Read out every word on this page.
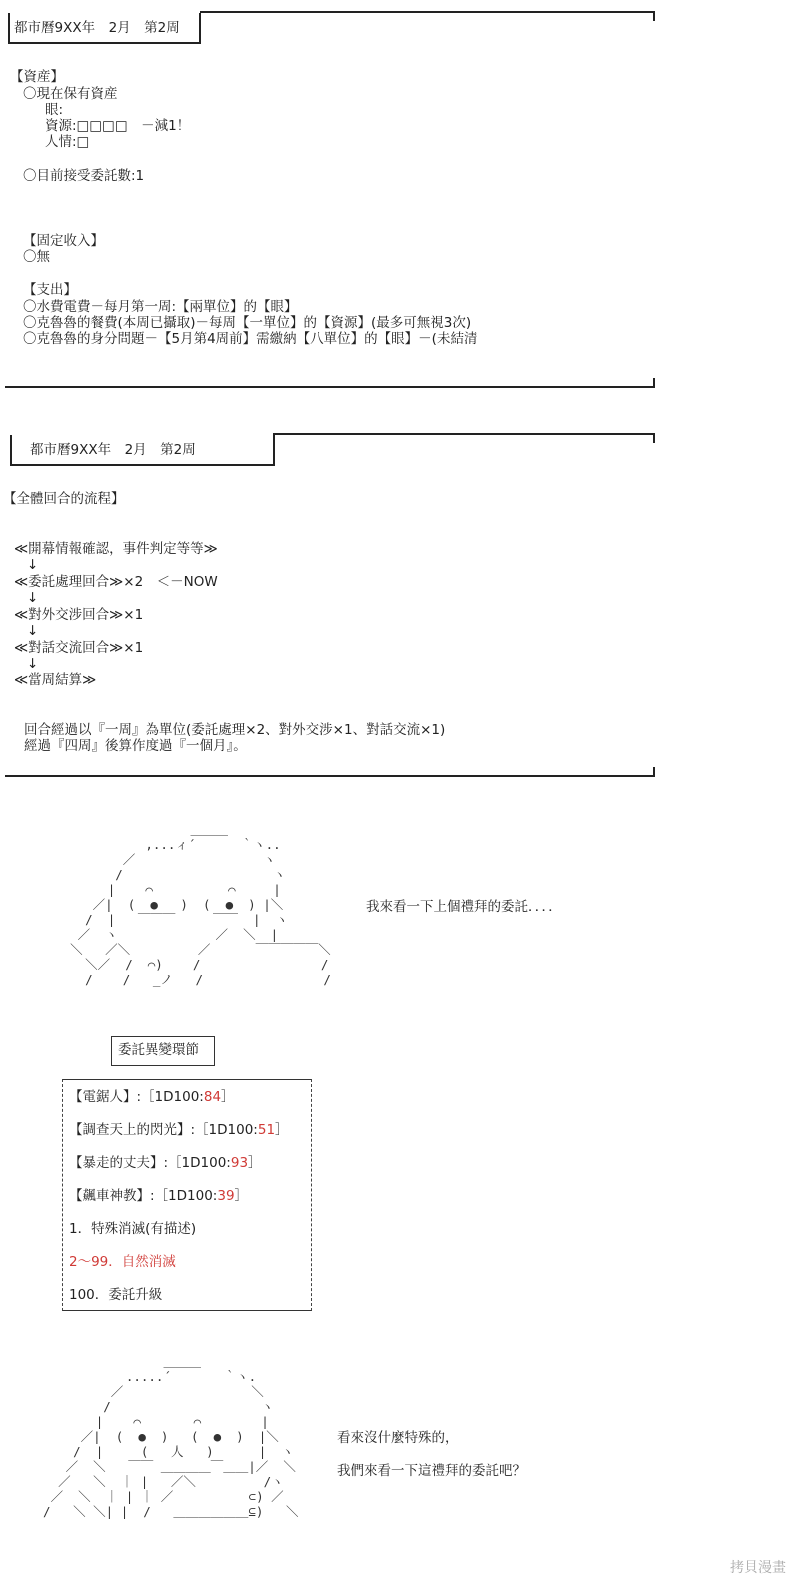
都市曆9XX年　2月　第2周
【資産】
〇現在保有資産
眼:
資源:□□□□　－減1！
人情:□
〇目前接受委託數:1
【固定收入】
〇無
【支出】
〇水費電費－每月第一周:【兩單位】的【眼】
〇克魯魯的餐費(本周已攝取)－每周【一單位】的【資源】(最多可無視3次)
〇克魯魯的身分問題－【5月第4周前】需繳納【八單位】的【眼】－(未結清
都市曆9XX年　2月　第2周
【全體回合的流程】
≪開幕情報確認，事件判定等等≫
↓
≪委託處理回合≫×2　＜－NOW
↓
≪對外交涉回合≫×1
↓
≪對話交流回合≫×1
↓
≪當周結算≫
回合經過以『一周』為單位(委託處理×2、對外交涉×1、對話交流×1)
經過『四周』後算作度過『一個月』。
＿＿＿
,...ィ´      ｀ヽ..
／                 ヽ
/                    ヽ
|    ⌒          ⌒     |
／|  (  ●   )  (  ●  ) |＼
/  |   ￣￣￣     ￣￣  |  ヽ
／  ヽ             ／  ＼  |
＼   ／＼         ／      ￣￣￣￣￣＼
＼／  /  ⌒)    /                /
/    /   _ノ   /                /
我來看一下上個禮拜的委託．．．．
委託異變環節
【電鋸人】:［1D100:84］
【調查天上的閃光】:［1D100:51］
【暴走的丈夫】:［1D100:93］
【飆車神教】:［1D100:39］
1．特殊消滅(有描述)
2〜99．自然消滅
100．委託升級
＿＿＿
.....´       ｀ヽ.
／                 ＼
/                    ヽ
|    ⌒       ⌒        |
／|  (  ●  )   (  ●  )  |＼
/  |     (   人   )      |  ヽ
／  ＼   ￣￣ ＿＿＿＿￣＿＿|／  ＼
／   ＼  ｜ |   ／＼         /ヽ
／  ＼  ｜ | ｜ ／          ⊂) ／
/   ＼ ＼| |  /   ＿＿＿＿＿＿⊆)   ＼
看來沒什麼特殊的，
我們來看一下這禮拜的委託吧？
拷貝漫畫
